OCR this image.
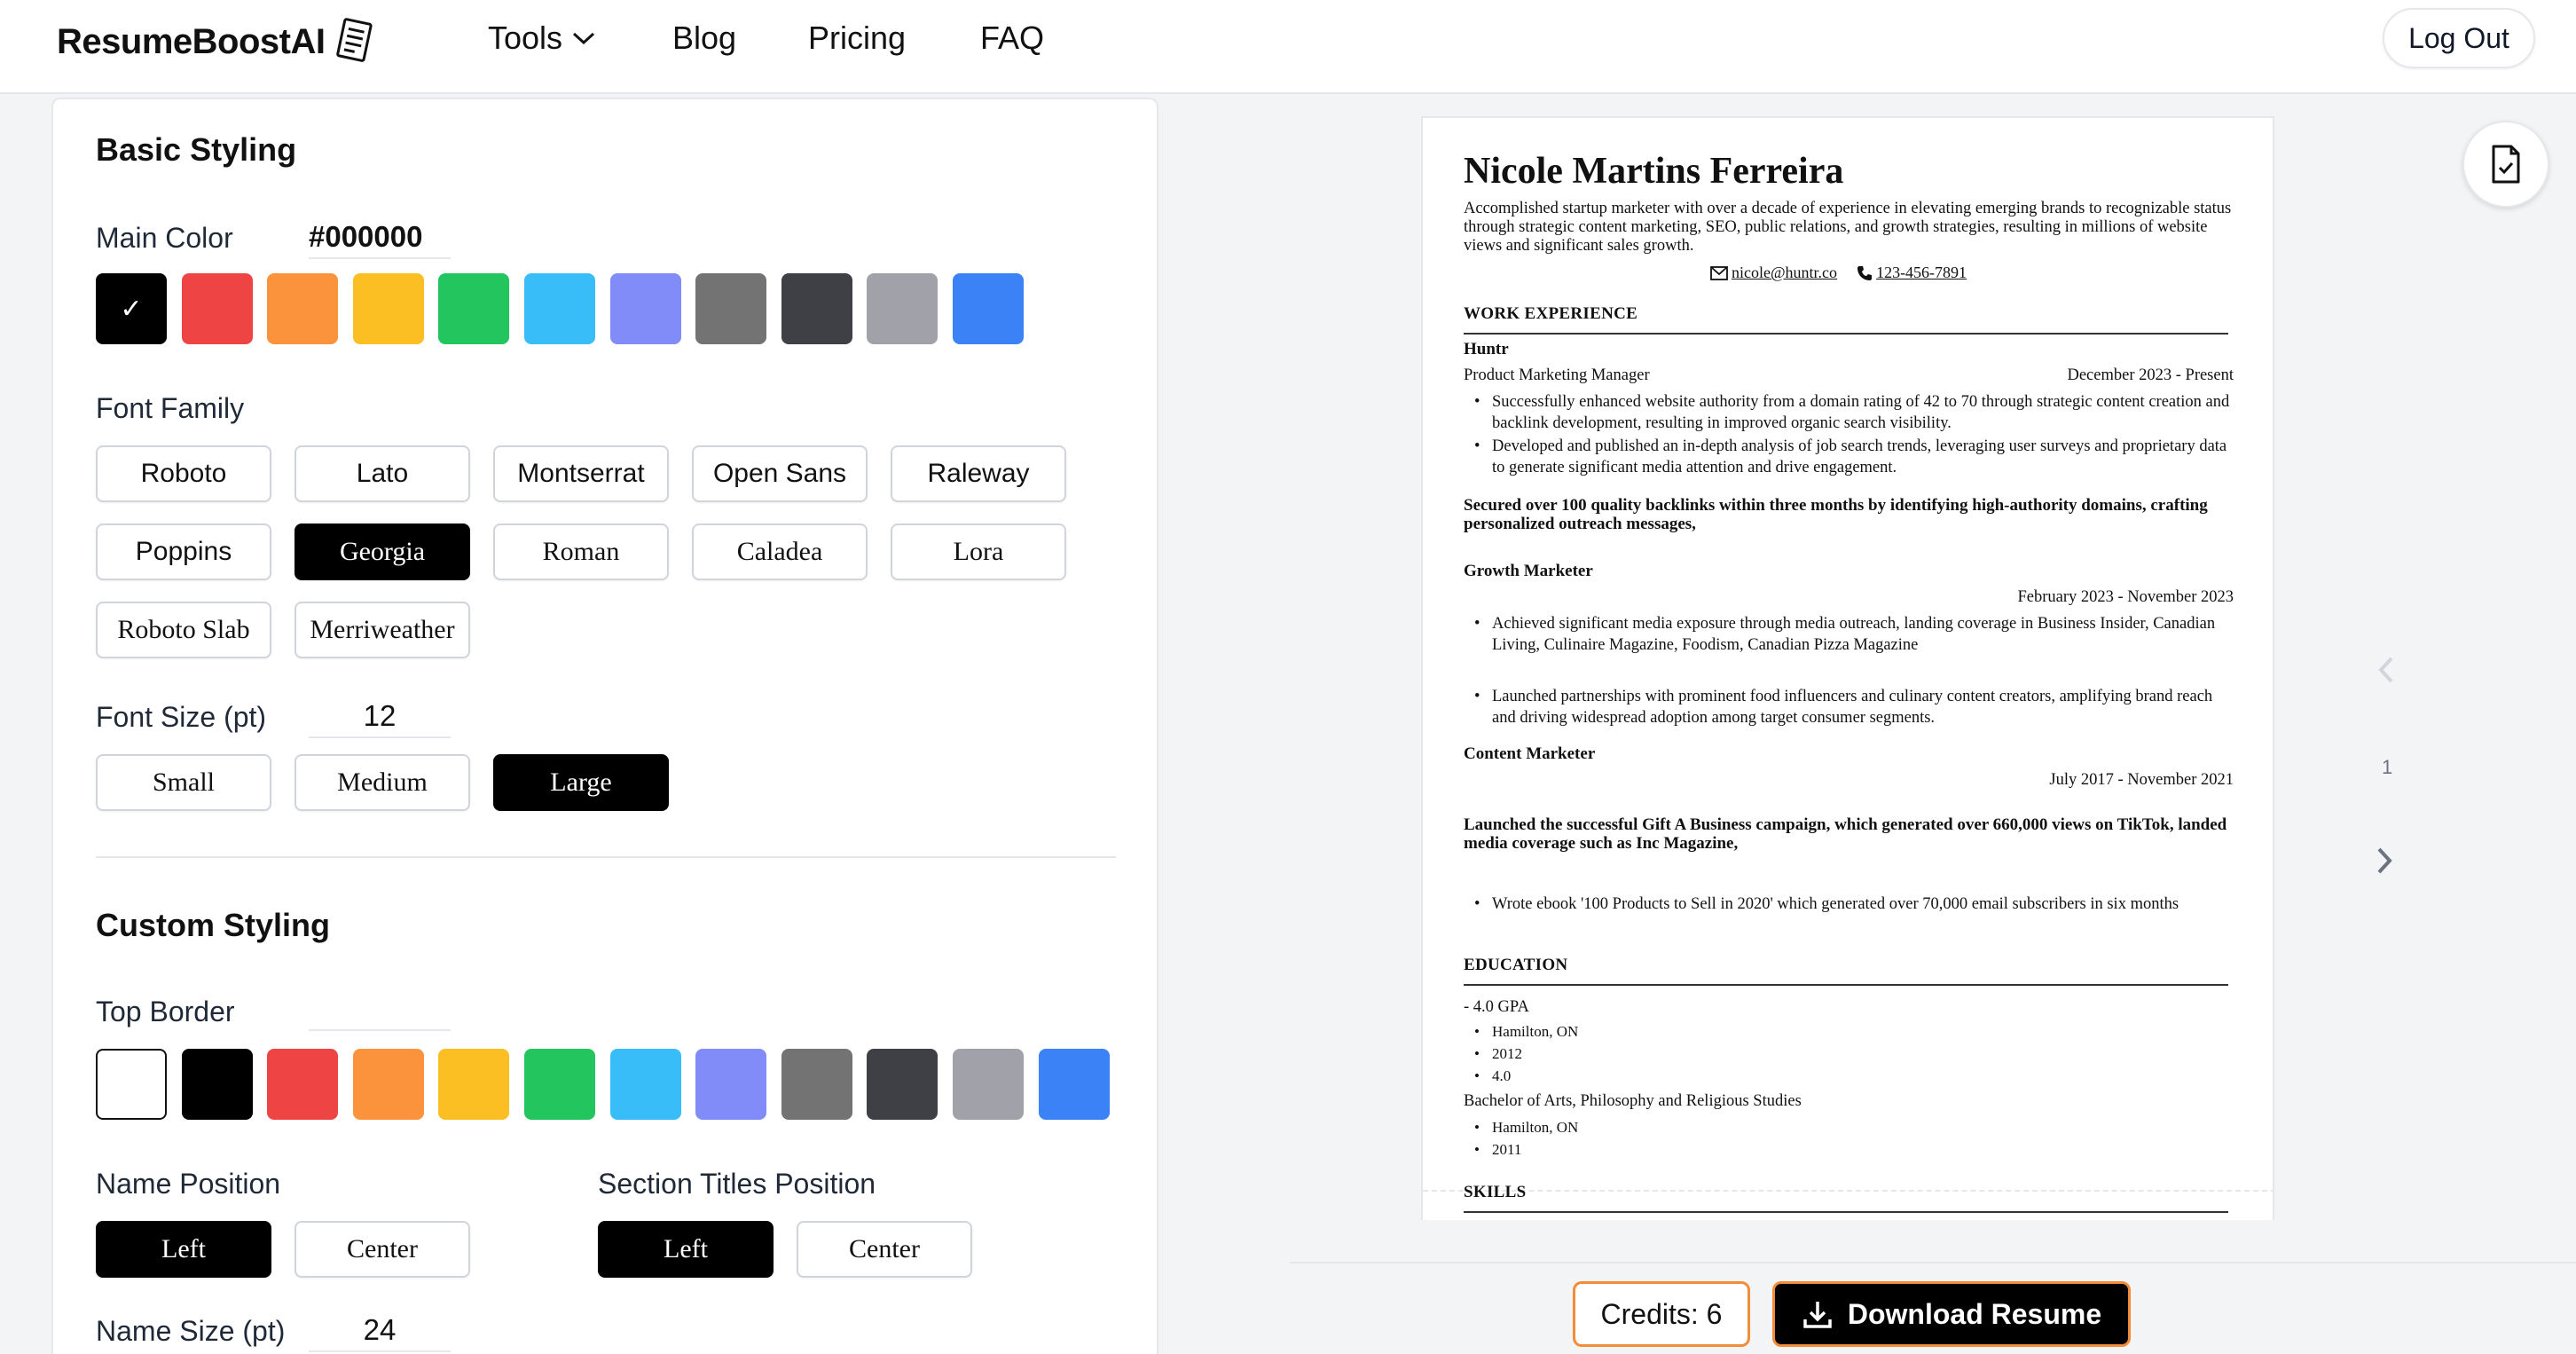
ResumeBoostAI	Tools	Blog Pricing FAQ	Log Out
Basic Styling
Main Color	#000000
✓
Font Family
Roboto	Lato	Montserrat	Open Sans	Raleway
Poppins	Georgia	Roman	Caladea	Lora
Roboto Slab	Merriweather
Font Size (pt)	12
Small	Medium	Large
Custom Styling
Top Border
Name Position
Left	Center
Section Titles Position
Left	Center
Name Size (pt)	24
Nicole Martins Ferreira
Accomplished startup marketer with over a decade of experience in elevating emerging brands to recognizable status through strategic content marketing, SEO, public relations, and growth strategies, resulting in millions of website views and significant sales growth.
nicole@huntr.co 123-456-7891
WORK EXPERIENCE
Huntr
Product Marketing Manager	December 2023 - Present
• Successfully enhanced website authority from a domain rating of 42 to 70 through strategic content creation and backlink development, resulting in improved organic search visibility.
• Developed and published an in-depth analysis of job search trends, leveraging user surveys and proprietary data to generate significant media attention and drive engagement.
Secured over 100 quality backlinks within three months by identifying high-authority domains, crafting personalized outreach messages,
Growth Marketer
February 2023 - November 2023
• Achieved significant media exposure through media outreach, landing coverage in Business Insider, Canadian Living, Culinaire Magazine, Foodism, Canadian Pizza Magazine
• Launched partnerships with prominent food influencers and culinary content creators, amplifying brand reach and driving widespread adoption among target consumer segments.
Content Marketer
July 2017 - November 2021
Launched the successful Gift A Business campaign, which generated over 660,000 views on TikTok, landed media coverage such as Inc Magazine,
• Wrote ebook '100 Products to Sell in 2020' which generated over 70,000 email subscribers in six months
EDUCATION
- 4.0 GPA
• Hamilton, ON
• 2012
• 4.0
Bachelor of Arts, Philosophy and Religious Studies
• Hamilton, ON
• 2011
SKILLS
1
Credits: 6	Download Resume
